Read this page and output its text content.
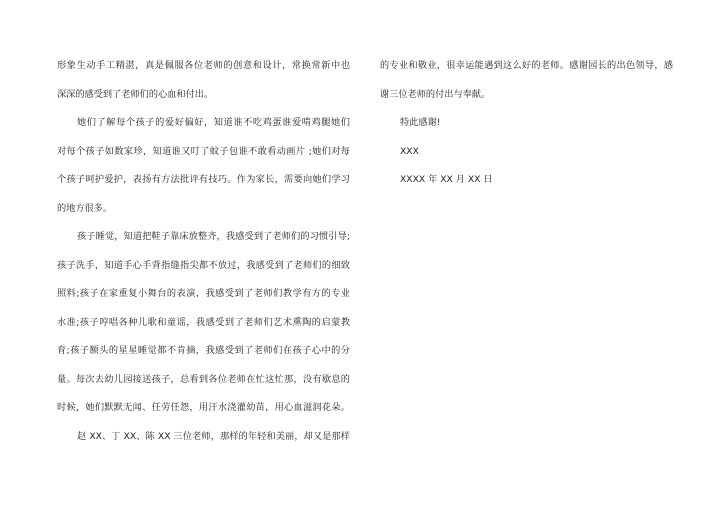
形象生动手工精湛，真是佩服各位老师的创意和设计，常换常新中也
深深的感受到了老师们的心血和付出。
她们了解每个孩子的爱好偏好，知道谁不吃鸡蛋谁爱啃鸡腿她们
对每个孩子如数家珍，知道谁又叮了蚊子包谁不敢看动画片 ;她们对每
个孩子呵护爱护，表扬有方法批评有技巧。作为家长，需要向她们学习
的地方很多。
孩子睡觉，知道把鞋子靠床放整齐，我感受到了老师们的习惯引导;
孩子洗手，知道手心手背指缝指尖都不放过，我感受到了老师们的细致
照料;孩子在家重复小舞台的表演，我感受到了老师们教学有方的专业
水准;孩子哼唱各种儿歌和童谣，我感受到了老师们艺术熏陶的启蒙教
育;孩子额头的星星睡觉都不肯摘，我感受到了老师们在孩子心中的分
量。每次去幼儿园接送孩子，总看到各位老师在忙这忙那，没有歇息的
时候，她们默默无闻、任劳任怨，用汗水浇灌幼苗，用心血滋润花朵。
赵 XX、丁 XX、陈 XX 三位老师，那样的年轻和美丽，却又是那样
的专业和敬业，很幸运能遇到这么好的老师。感谢园长的出色领导，感
谢三位老师的付出与奉献。
特此感谢!
XXX
XXXX 年 XX 月 XX 日
